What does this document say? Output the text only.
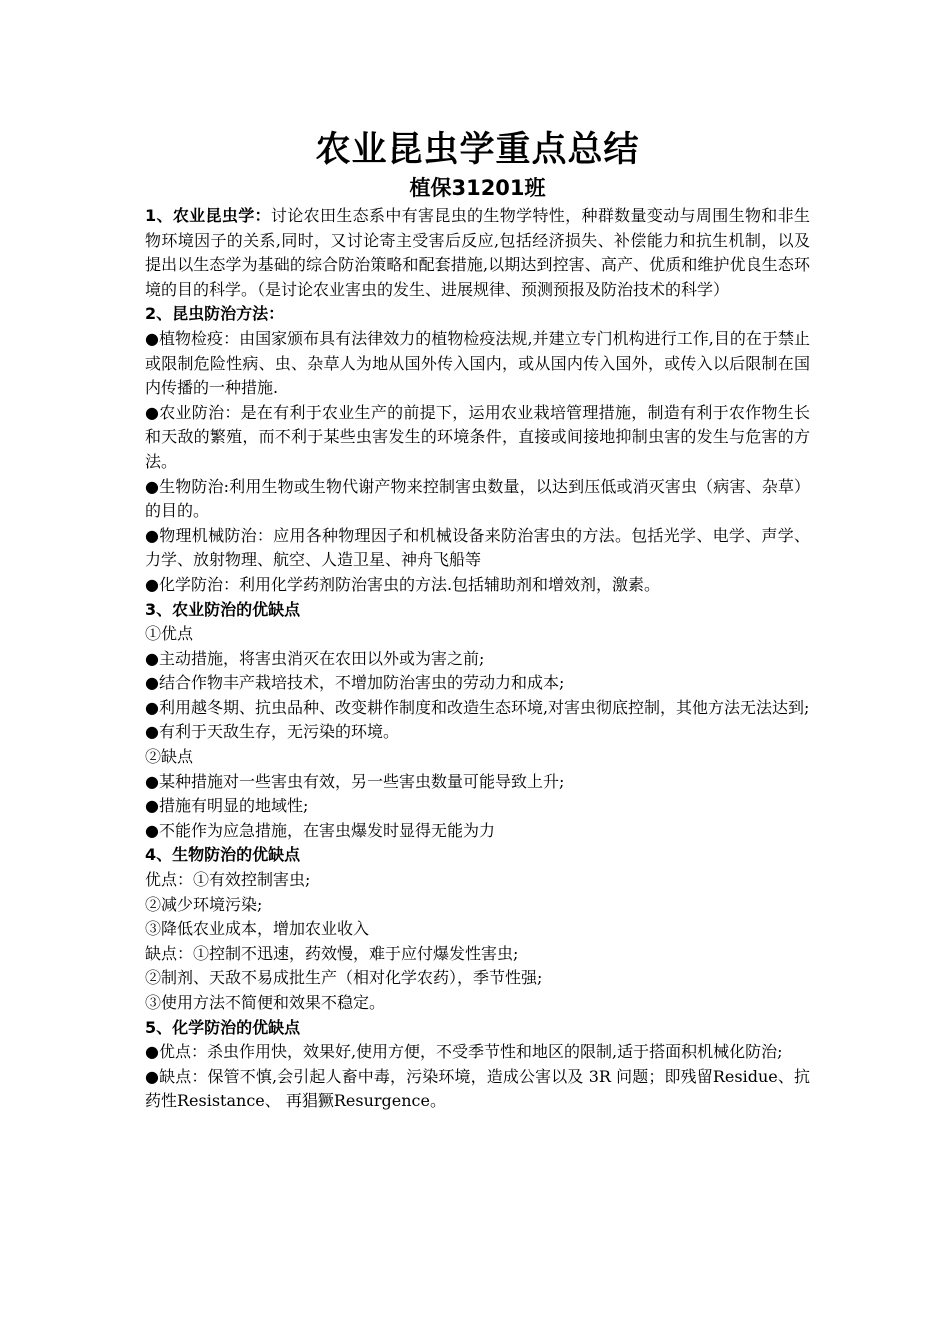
农业昆虫学重点总结
植保31201班

1、农业昆虫学：讨论农田生态系中有害昆虫的生物学特性，种群数量变动与周围生物和非生物环境因子的关系,同时，又讨论寄主受害后反应,包括经济损失、补偿能力和抗生机制，以及提出以生态学为基础的综合防治策略和配套措施,以期达到控害、高产、优质和维护优良生态环境的目的科学。（是讨论农业害虫的发生、进展规律、预测预报及防治技术的科学）

2、昆虫防治方法：

●植物检疫：由国家颁布具有法律效力的植物检疫法规,并建立专门机构进行工作,目的在于禁止或限制危险性病、虫、杂草人为地从国外传入国内，或从国内传入国外，或传入以后限制在国内传播的一种措施.

●农业防治：是在有利于农业生产的前提下，运用农业栽培管理措施，制造有利于农作物生长和天敌的繁殖，而不利于某些虫害发生的环境条件，直接或间接地抑制虫害的发生与危害的方法。

●生物防治:利用生物或生物代谢产物来控制害虫数量，以达到压低或消灭害虫（病害、杂草）的目的。

●物理机械防治：应用各种物理因子和机械设备来防治害虫的方法。包括光学、电学、声学、力学、放射物理、航空、人造卫星、神舟飞船等

●化学防治：利用化学药剂防治害虫的方法.包括辅助剂和增效剂，激素。

3、农业防治的优缺点

①优点

●主动措施，将害虫消灭在农田以外或为害之前;

●结合作物丰产栽培技术，不增加防治害虫的劳动力和成本;

●利用越冬期、抗虫品种、改变耕作制度和改造生态环境,对害虫彻底控制，其他方法无法达到;

●有利于天敌生存，无污染的环境。

②缺点

●某种措施对一些害虫有效，另一些害虫数量可能导致上升;

●措施有明显的地域性;

●不能作为应急措施，在害虫爆发时显得无能为力

4、生物防治的优缺点

优点：①有效控制害虫;

②减少环境污染;

③降低农业成本，增加农业收入

缺点：①控制不迅速，药效慢，难于应付爆发性害虫;

②制剂、天敌不易成批生产（相对化学农药），季节性强;

③使用方法不简便和效果不稳定。

5、化学防治的优缺点

●优点：杀虫作用快，效果好,使用方便，不受季节性和地区的限制,适于搭面积机械化防治;

●缺点：保管不慎,会引起人畜中毒，污染环境，造成公害以及 3R 问题；即残留Residue、抗药性Resistance、 再猖獗Resurgence。
